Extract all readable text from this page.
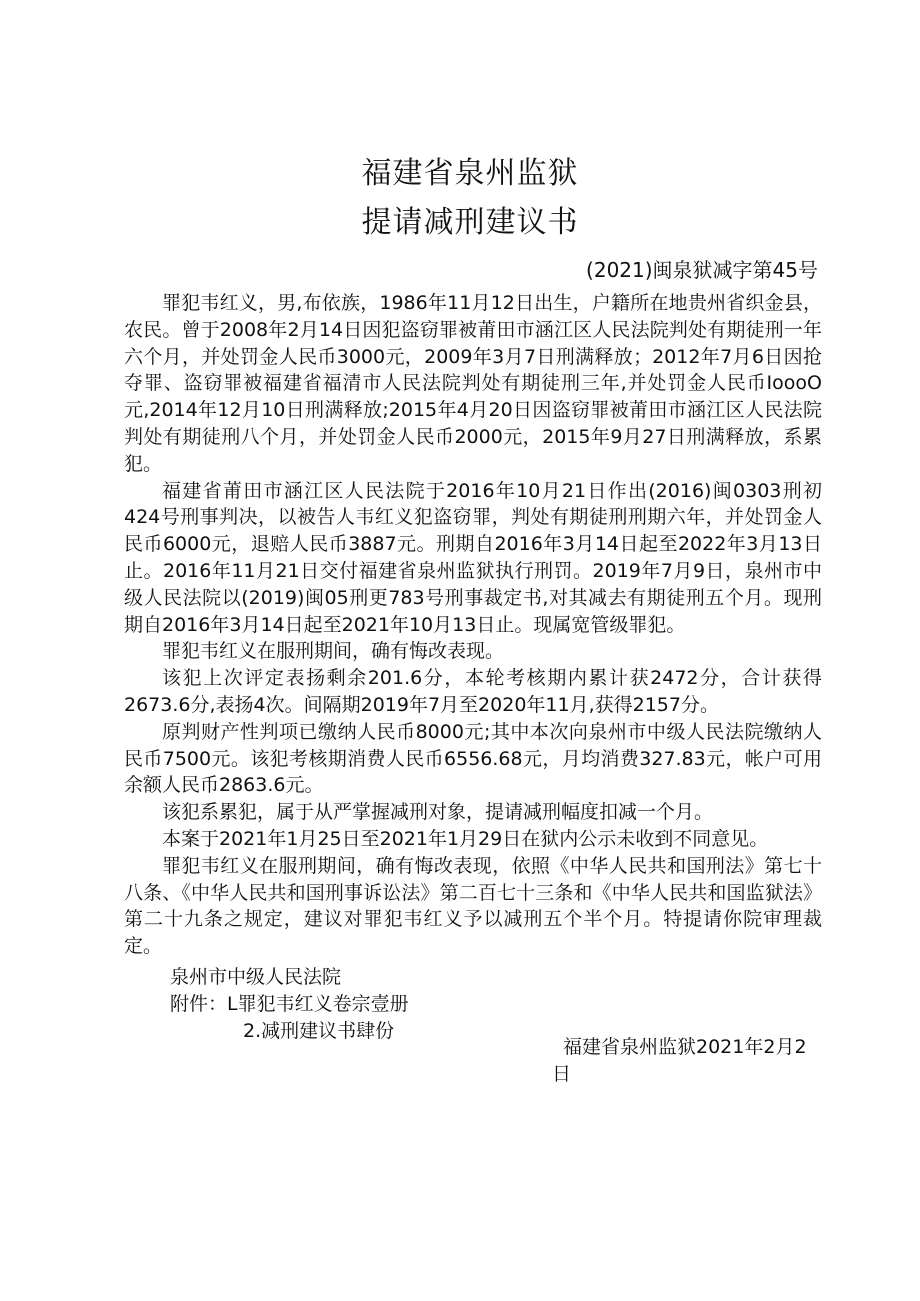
福建省泉州监狱
提请减刑建议书
(2021)闽泉狱减字第45号

罪犯韦红义，男,布依族，1986年11月12日出生，户籍所在地贵州省织金县，农民。曾于2008年2月14日因犯盗窃罪被莆田市涵江区人民法院判处有期徒刑一年六个月，并处罚金人民币3000元，2009年3月7日刑满释放；2012年7月6日因抢夺罪、盗窃罪被福建省福清市人民法院判处有期徒刑三年,并处罚金人民币IoooO元,2014年12月10日刑满释放;2015年4月20日因盗窃罪被莆田市涵江区人民法院判处有期徒刑八个月，并处罚金人民币2000元，2015年9月27日刑满释放，系累犯。

福建省莆田市涵江区人民法院于2016年10月21日作出(2016)闽0303刑初424号刑事判决，以被告人韦红义犯盗窃罪，判处有期徒刑刑期六年，并处罚金人民币6000元，退赔人民币3887元。刑期自2016年3月14日起至2022年3月13日止。2016年11月21日交付福建省泉州监狱执行刑罚。2019年7月9日，泉州市中级人民法院以(2019)闽05刑更783号刑事裁定书,对其减去有期徒刑五个月。现刑期自2016年3月14日起至2021年10月13日止。现属宽管级罪犯。

罪犯韦红义在服刑期间，确有悔改表现。

该犯上次评定表扬剩余201.6分，本轮考核期内累计获2472分，合计获得2673.6分,表扬4次。间隔期2019年7月至2020年11月,获得2157分。

原判财产性判项已缴纳人民币8000元;其中本次向泉州市中级人民法院缴纳人民币7500元。该犯考核期消费人民币6556.68元，月均消费327.83元，帐户可用余额人民币2863.6元。

该犯系累犯，属于从严掌握减刑对象，提请减刑幅度扣减一个月。

本案于2021年1月25日至2021年1月29日在狱内公示未收到不同意见。

罪犯韦红义在服刑期间，确有悔改表现，依照《中华人民共和国刑法》第七十八条、《中华人民共和国刑事诉讼法》第二百七十三条和《中华人民共和国监狱法》第二十九条之规定，建议对罪犯韦红义予以减刑五个半个月。特提请你院审理裁定。

泉州市中级人民法院
附件：L罪犯韦红义卷宗壹册
2.减刑建议书肆份
福建省泉州监狱2021年2月2日
